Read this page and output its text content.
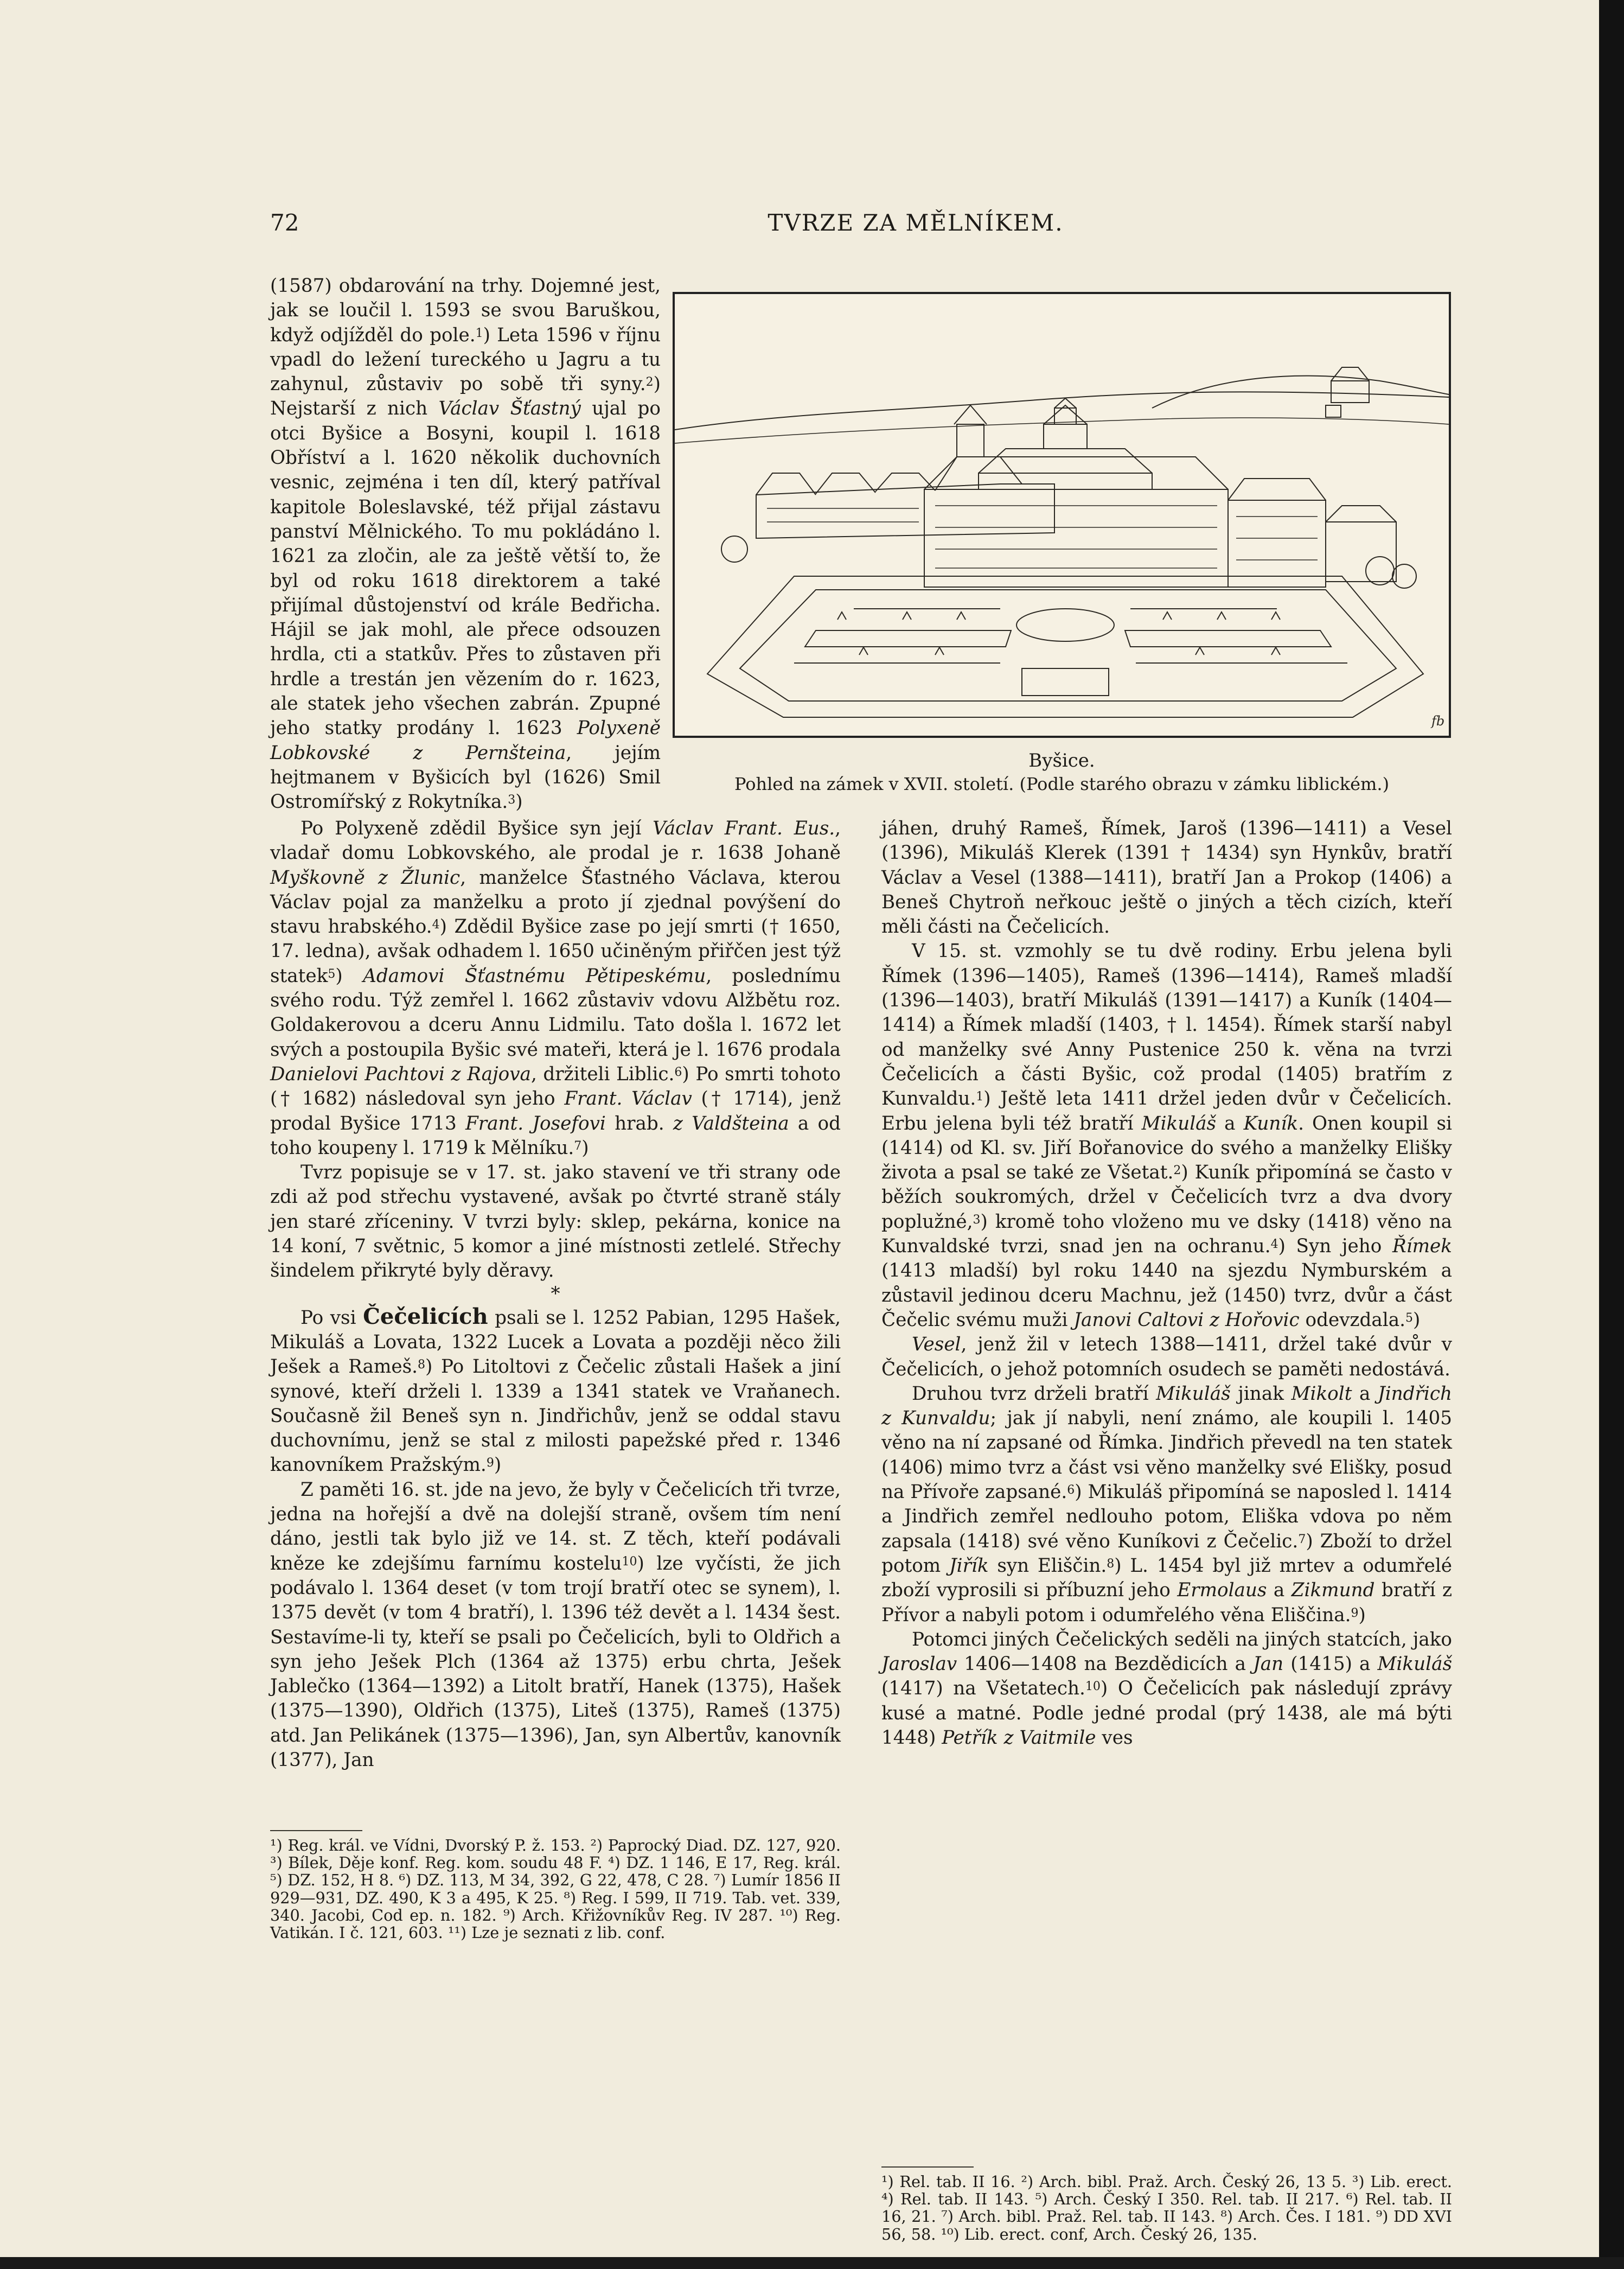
72	TVRZE ZA MĚLNÍKEM.

(1587) obdarování na trhy. Dojemné jest, jak se loučil l. 1593 se svou Baruškou, když odjížděl do pole.$^1$) Leta 1596 v říjnu vpadl do ležení tureckého u Jagru a tu zahynul, zůstaviv po sobě tři syny.$^2$) Nejstarší z nich Václav Šťastný ujal po otci Byšice a Bosyni, koupil l. 1618 Obříství a l. 1620 několik duchovních vesnic, zejména i ten díl, který patříval kapitole Boleslavské, též přijal zástavu panství Mělnického. To mu pokládáno l. 1621 za zločin, ale za ještě větší to, že byl od roku 1618 direktorem a také přijímal důstojenství od krále Bedřicha. Hájil se jak mohl, ale přece odsouzen hrdla, cti a statkův. Přes to zůstaven při hrdle a trestán jen vězením do r. 1623, ale statek jeho všechen zabrán. Zpupné jeho statky prodány l. 1623 Polyxeně Lobkovské z Pernšteina, jejím hejtmanem v Byšicích byl (1626) Smil Ostromířský z Rokytníka.$^3$)

fb
Byšice.
Pohled na zámek v XVII. století. (Podle starého obrazu v zámku liblickém.)

Po Polyxeně zdědil Byšice syn její Václav Frant. Eus., vladař domu Lobkovského, ale prodal je r. 1638 Johaně Myškovně z Žlunic, manželce Šťastného Václava, kterou Václav pojal za manželku a proto jí zjednal povýšení do stavu hrabského.$^4$) Zdědil Byšice zase po její smrti († 1650, 17. ledna), avšak odhadem l. 1650 učiněným přiřčen jest týž statek$^5$) Adamovi Šťastnému Pětipeskému, poslednímu svého rodu. Týž zemřel l. 1662 zůstaviv vdovu Alžbětu roz. Goldakerovou a dceru Annu Lidmilu. Tato došla l. 1672 let svých a postoupila Byšic své mateři, která je l. 1676 prodala Danielovi Pachtovi z Rajova, držiteli Liblic.$^6$) Po smrti tohoto († 1682) následoval syn jeho Frant. Václav († 1714), jenž prodal Byšice 1713 Frant. Josefovi hrab. z Valdšteina a od toho koupeny l. 1719 k Mělníku.$^7$)

Tvrz popisuje se v 17. st. jako stavení ve tři strany ode zdi až pod střechu vystavené, avšak po čtvrté straně stály jen staré zříceniny. V tvrzi byly: sklep, pekárna, konice na 14 koní, 7 světnic, 5 komor a jiné místnosti zetlelé. Střechy šindelem přikryté byly děravy.

*

Po vsi Čečelicích psali se l. 1252 Pabian, 1295 Hašek, Mikuláš a Lovata, 1322 Lucek a Lovata a později něco žili Ješek a Rameš.$^8$) Po Litoltovi z Čečelic zůstali Hašek a jiní synové, kteří drželi l. 1339 a 1341 statek ve Vraňanech. Současně žil Beneš syn n. Jindřichův, jenž se oddal stavu duchovnímu, jenž se stal z milosti papežské před r. 1346 kanovníkem Pražským.$^9$)

Z paměti 16. st. jde na jevo, že byly v Čečelicích tři tvrze, jedna na hořejší a dvě na dolejší straně, ovšem tím není dáno, jestli tak bylo již ve 14. st. Z těch, kteří podávali kněze ke zdejšímu farnímu kostelu$^{10}$) lze vyčísti, že jich podávalo l. 1364 deset (v tom trojí bratří otec se synem), l. 1375 devět (v tom 4 bratří), l. 1396 též devět a l. 1434 šest. Sestavíme-li ty, kteří se psali po Čečelicích, byli to Oldřich a syn jeho Ješek Plch (1364 až 1375) erbu chrta, Ješek Jablečko (1364—1392) a Litolt bratří, Hanek (1375), Hašek (1375—1390), Oldřich (1375), Liteš (1375), Rameš (1375) atd. Jan Pelikánek (1375—1396), Jan, syn Albertův, kanovník (1377), Jan

¹) Reg. král. ve Vídni, Dvorský P. ž. 153. ²) Paprocký Diad. DZ. 127, 920. ³) Bílek, Děje konf. Reg. kom. soudu 48 F. ⁴) DZ. 1 146, E 17, Reg. král. ⁵) DZ. 152, H 8. ⁶) DZ. 113, M 34, 392, G 22, 478, C 28. ⁷) Lumír 1856 II 929—931, DZ. 490, K 3 a 495, K 25. ⁸) Reg. I 599, II 719. Tab. vet. 339, 340. Jacobi, Cod ep. n. 182. ⁹) Arch. Křižovníkův Reg. IV 287. ¹⁰) Reg. Vatikán. I č. 121, 603. ¹¹) Lze je seznati z lib. conf.

jáhen, druhý Rameš, Římek, Jaroš (1396—1411) a Vesel (1396), Mikuláš Klerek (1391 † 1434) syn Hynkův, bratří Václav a Vesel (1388—1411), bratří Jan a Prokop (1406) a Beneš Chytroň neřkouc ještě o jiných a těch cizích, kteří měli části na Čečelicích.

V 15. st. vzmohly se tu dvě rodiny. Erbu jelena byli Římek (1396—1405), Rameš (1396—1414), Rameš mladší (1396—1403), bratří Mikuláš (1391—1417) a Kuník (1404—1414) a Římek mladší (1403, † l. 1454). Římek starší nabyl od manželky své Anny Pustenice 250 k. věna na tvrzi Čečelicích a části Byšic, což prodal (1405) bratřím z Kunvaldu.$^1$) Ještě leta 1411 držel jeden dvůr v Čečelicích. Erbu jelena byli též bratří Mikuláš a Kuník. Onen koupil si (1414) od Kl. sv. Jiří Bořanovice do svého a manželky Elišky života a psal se také ze Všetat.$^2$) Kuník připomíná se často v běžích soukromých, držel v Čečelicích tvrz a dva dvory poplužné,$^3$) kromě toho vloženo mu ve dsky (1418) věno na Kunvaldské tvrzi, snad jen na ochranu.$^4$) Syn jeho Římek (1413 mladší) byl roku 1440 na sjezdu Nymburském a zůstavil jedinou dceru Machnu, jež (1450) tvrz, dvůr a část Čečelic svému muži Janovi Caltovi z Hořovic odevzdala.$^5$)

Vesel, jenž žil v letech 1388—1411, držel také dvůr v Čečelicích, o jehož potomních osudech se paměti nedostává.

Druhou tvrz drželi bratří Mikuláš jinak Mikolt a Jindřich z Kunvaldu; jak jí nabyli, není známo, ale koupili l. 1405 věno na ní zapsané od Římka. Jindřich převedl na ten statek (1406) mimo tvrz a část vsi věno manželky své Elišky, posud na Přívoře zapsané.$^6$) Mikuláš připomíná se naposled l. 1414 a Jindřich zemřel nedlouho potom, Eliška vdova po něm zapsala (1418) své věno Kuníkovi z Čečelic.$^7$) Zboží to držel potom Jiřík syn Eliščin.$^8$) L. 1454 byl již mrtev a odumřelé zboží vyprosili si příbuzní jeho Ermolaus a Zikmund bratří z Přívor a nabyli potom i odumřelého věna Eliščina.$^9$)

Potomci jiných Čečelických seděli na jiných statcích, jako Jaroslav 1406—1408 na Bezdědicích a Jan (1415) a Mikuláš (1417) na Všetatech.$^{10}$) O Čečelicích pak následují zprávy kusé a matné. Podle jedné prodal (prý 1438, ale má býti 1448) Petřík z Vaitmile ves

¹) Rel. tab. II 16. ²) Arch. bibl. Praž. Arch. Český 26, 13 5. ³) Lib. erect. ⁴) Rel. tab. II 143. ⁵) Arch. Český I 350. Rel. tab. II 217. ⁶) Rel. tab. II 16, 21. ⁷) Arch. bibl. Praž. Rel. tab. II 143. ⁸) Arch. Čes. I 181. ⁹) DD XVI 56, 58. ¹⁰) Lib. erect. conf, Arch. Český 26, 135.
